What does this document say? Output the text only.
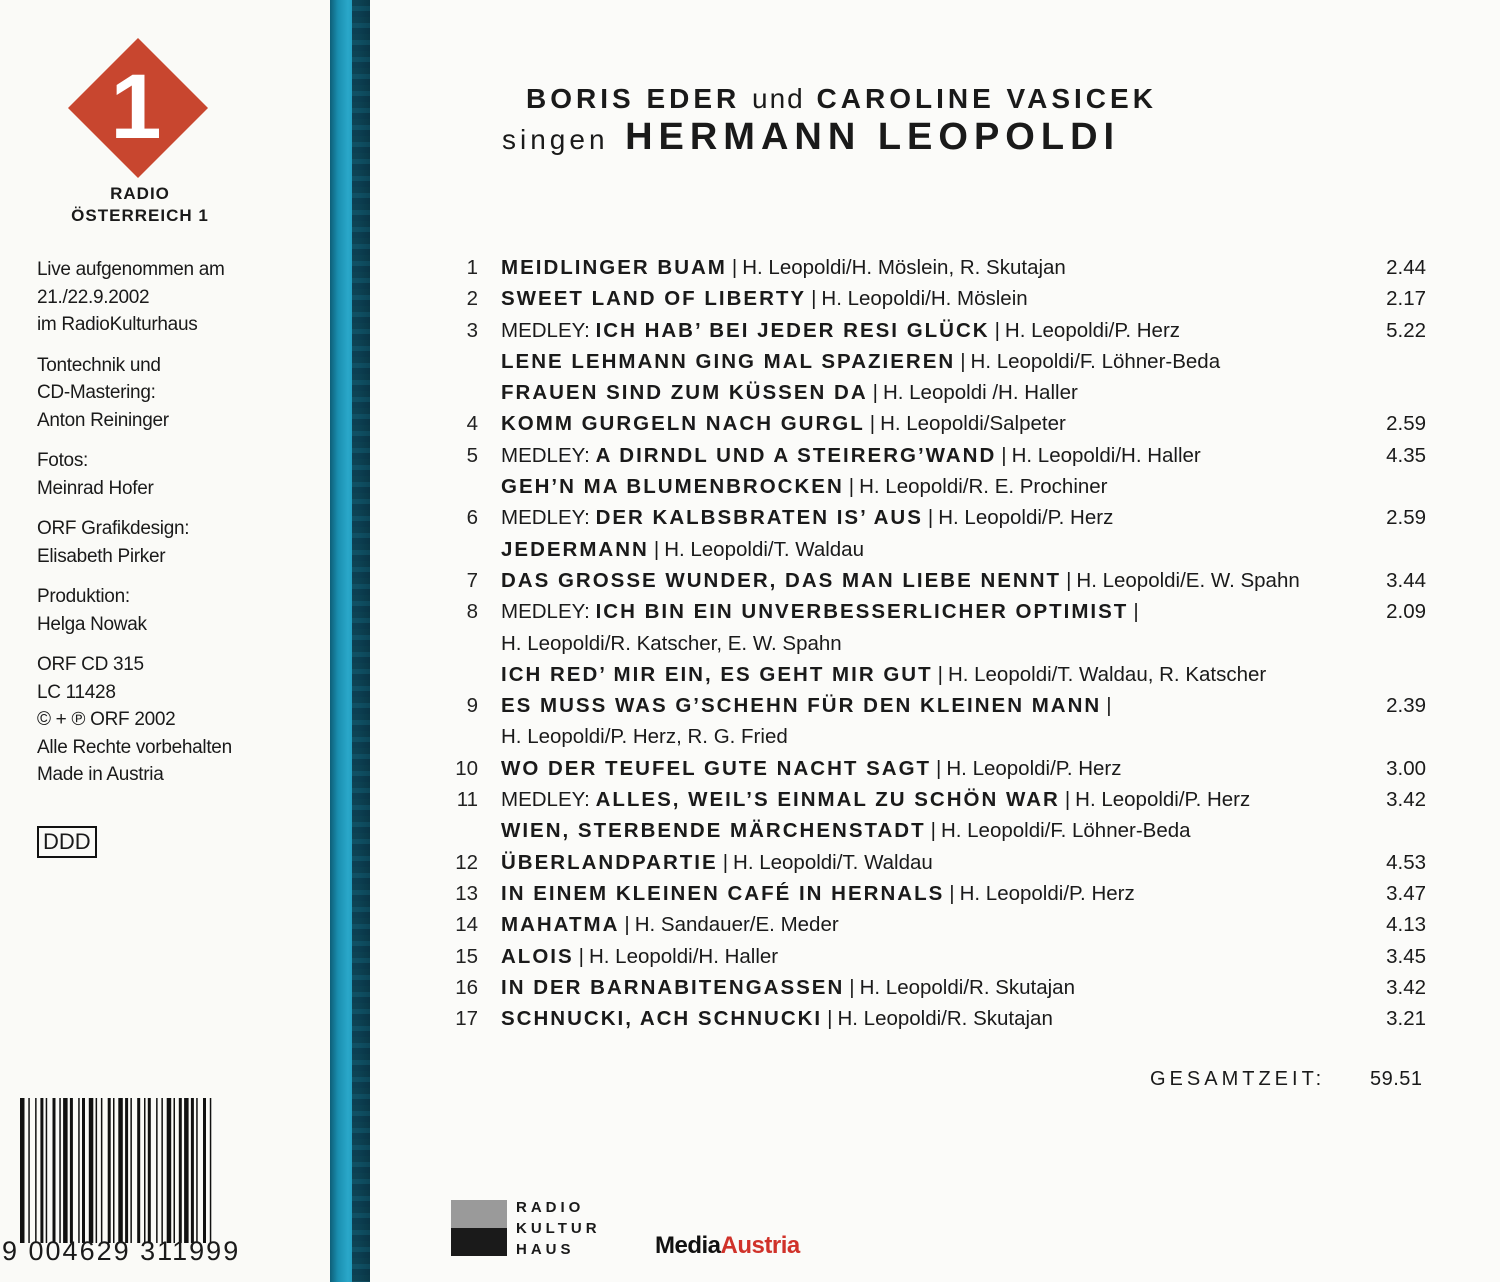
1
RADIO
ÖSTERREICH 1
Live aufgenommen am
21./22.9.2002
im RadioKulturhaus
Tontechnik und
CD-Mastering:
Anton Reininger
Fotos:
Meinrad Hofer
ORF Grafikdesign:
Elisabeth Pirker
Produktion:
Helga Nowak
ORF CD 315
LC 11428
© + ℗ ORF 2002
Alle Rechte vorbehalten
Made in Austria
DDD
9 004629 311999
BORIS EDER und CAROLINE VASICEK
singen HERMANN LEOPOLDI
1 MEIDLINGER BUAM | H. Leopoldi/H. Möslein, R. Skutajan	2.44
2 SWEET LAND OF LIBERTY | H. Leopoldi/H. Möslein	2.17
3 MEDLEY: ICH HAB’ BEI JEDER RESI GLÜCK | H. Leopoldi/P. Herz	5.22
LENE LEHMANN GING MAL SPAZIEREN | H. Leopoldi/F. Löhner-Beda
FRAUEN SIND ZUM KÜSSEN DA | H. Leopoldi /H. Haller
4 KOMM GURGELN NACH GURGL | H. Leopoldi/Salpeter	2.59
5 MEDLEY: A DIRNDL UND A STEIRERG’WAND | H. Leopoldi/H. Haller	4.35
GEH’N MA BLUMENBROCKEN | H. Leopoldi/R. E. Prochiner
6 MEDLEY: DER KALBSBRATEN IS’ AUS | H. Leopoldi/P. Herz	2.59
JEDERMANN | H. Leopoldi/T. Waldau
7 DAS GROSSE WUNDER, DAS MAN LIEBE NENNT | H. Leopoldi/E. W. Spahn	3.44
8 MEDLEY: ICH BIN EIN UNVERBESSERLICHER OPTIMIST |	2.09
H. Leopoldi/R. Katscher, E. W. Spahn
ICH RED’ MIR EIN, ES GEHT MIR GUT | H. Leopoldi/T. Waldau, R. Katscher
9 ES MUSS WAS G’SCHEHN FÜR DEN KLEINEN MANN |	2.39
H. Leopoldi/P. Herz, R. G. Fried
10 WO DER TEUFEL GUTE NACHT SAGT | H. Leopoldi/P. Herz	3.00
11 MEDLEY: ALLES, WEIL’S EINMAL ZU SCHÖN WAR | H. Leopoldi/P. Herz	3.42
WIEN, STERBENDE MÄRCHENSTADT | H. Leopoldi/F. Löhner-Beda
12 ÜBERLANDPARTIE | H. Leopoldi/T. Waldau	4.53
13 IN EINEM KLEINEN CAFÉ IN HERNALS | H. Leopoldi/P. Herz	3.47
14 MAHATMA | H. Sandauer/E. Meder	4.13
15 ALOIS | H. Leopoldi/H. Haller	3.45
16 IN DER BARNABITENGASSEN | H. Leopoldi/R. Skutajan	3.42
17 SCHNUCKI, ACH SCHNUCKI | H. Leopoldi/R. Skutajan	3.21
GESAMTZEIT: 59.51
RADIO
KULTUR
HAUS	MediaAustria
